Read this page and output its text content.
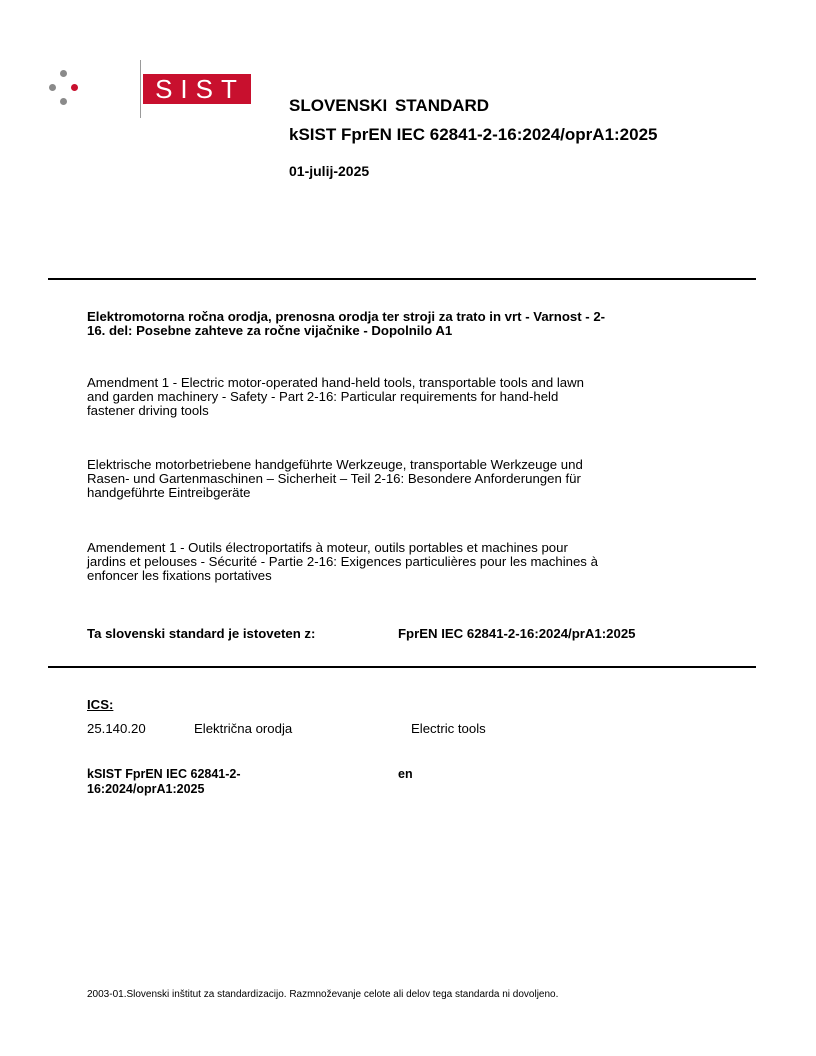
SIST
SLOVENSKI STANDARD
kSIST FprEN IEC 62841-2-16:2024/oprA1:2025
01-julij-2025
Elektromotorna ročna orodja, prenosna orodja ter stroji za trato in vrt - Varnost - 2-
16. del: Posebne zahteve za ročne vijačnike - Dopolnilo A1
Amendment 1 - Electric motor-operated hand-held tools, transportable tools and lawn
and garden machinery - Safety - Part 2-16: Particular requirements for hand-held
fastener driving tools
Elektrische motorbetriebene handgeführte Werkzeuge, transportable Werkzeuge und
Rasen- und Gartenmaschinen – Sicherheit – Teil 2-16: Besondere Anforderungen für
handgeführte Eintreibgeräte
Amendement 1 - Outils électroportatifs à moteur, outils portables et machines pour
jardins et pelouses - Sécurité - Partie 2-16: Exigences particulières pour les machines à
enfoncer les fixations portatives
Ta slovenski standard je istoveten z:	FprEN IEC 62841-2-16:2024/prA1:2025
ICS:
25.140.20	Električna orodja	Electric tools
kSIST FprEN IEC 62841-2-
16:2024/oprA1:2025
en
2003-01.Slovenski inštitut za standardizacijo. Razmnoževanje celote ali delov tega standarda ni dovoljeno.
